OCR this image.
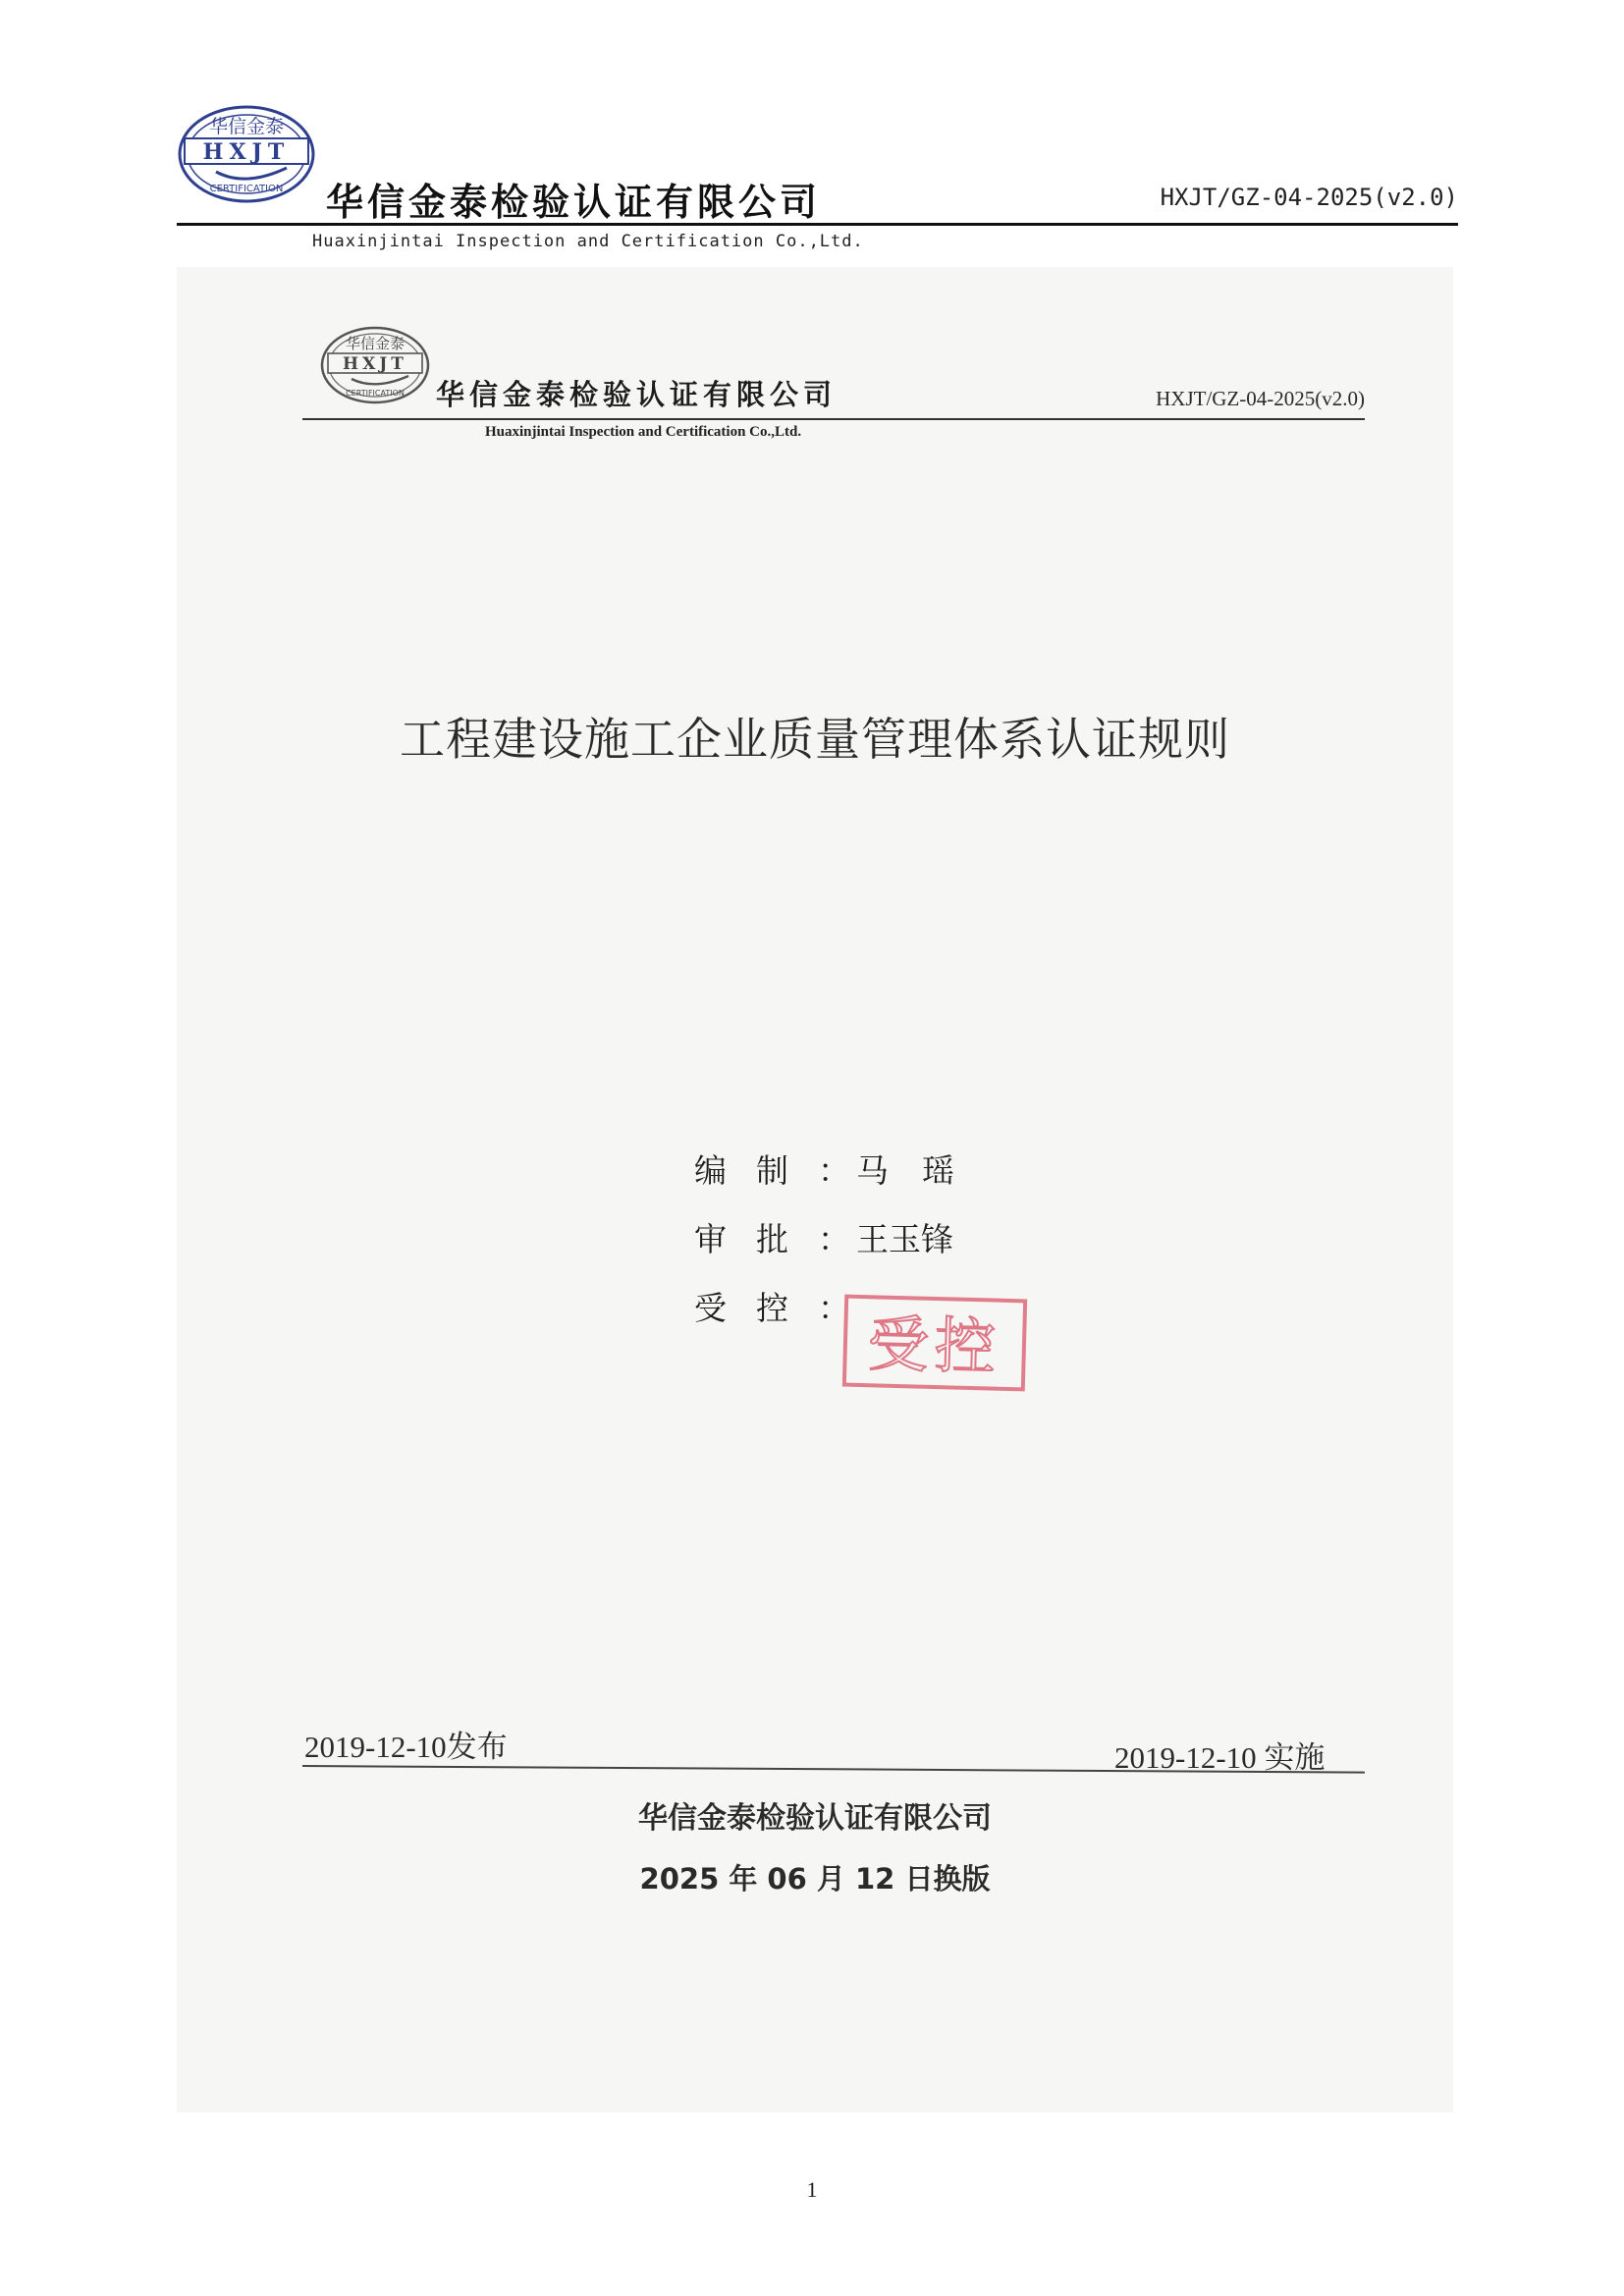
华信金泰
HXJT
CERTIFICATION 华信金泰检验认证有限公司	HXJT/GZ-04-2025(v2.0)
Huaxinjintai Inspection and Certification Co.,Ltd.
华信金泰
HXJT
CERTIFICATION 华信金泰检验认证有限公司	HXJT/GZ-04-2025(v2.0)
Huaxinjintai Inspection and Certification Co.,Ltd.
工程建设施工企业质量管理体系认证规则
编制：
马瑶
审批：
王玉锋
受控：
受控
2019-12-10发布	2019-12-10 实施
华信金泰检验认证有限公司
2025 年 06 月 12 日换版
1
